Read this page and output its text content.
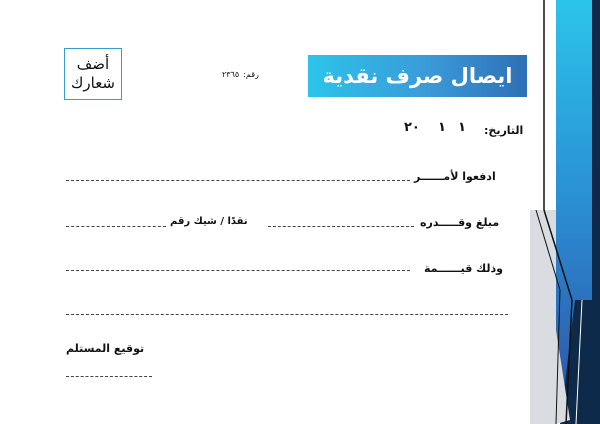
ايصال صرف نقدية
أضف
شعارك	رقم:
٢٣٦٥
التاريخ:
٢٠ ١ ١
ادفعوا لأمــــــر
مبلغ وقـــــدره
نقدًا / شيك رقم
وذلك قيــــــمة
توقيع المستلم
